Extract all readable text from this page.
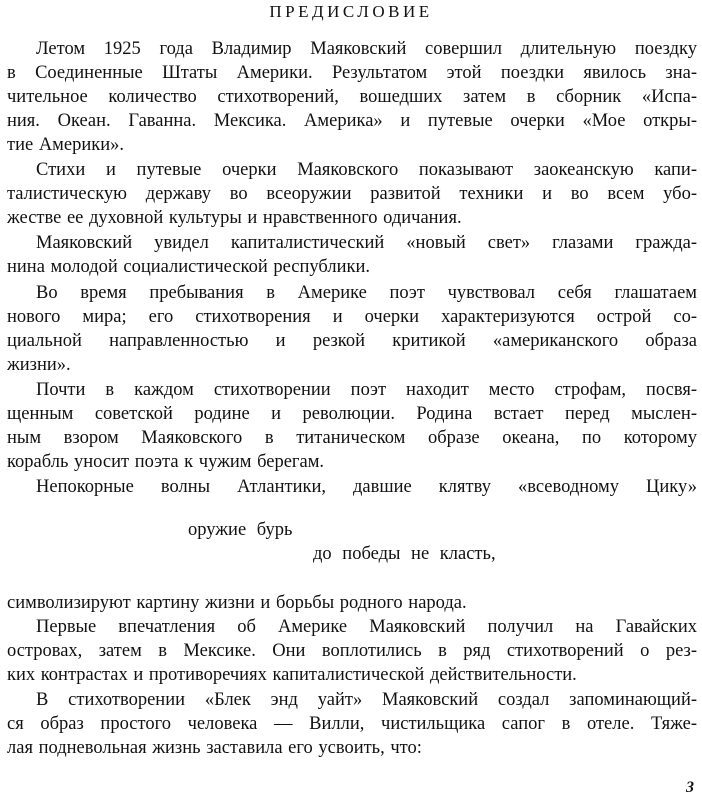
ПРЕДИСЛОВИЕ
Летом 1925 года Владимир Маяковский совершил длительную поездку
в Соединенные Штаты Америки. Результатом этой поездки явилось зна-
чительное количество стихотворений, вошедших затем в сборник «Испа-
ния. Океан. Гаванна. Мексика. Америка» и путевые очерки «Мое откры-
тие Америки».
Стихи и путевые очерки Маяковского показывают заокеанскую капи-
талистическую державу во всеоружии развитой техники и во всем убо-
жестве ее духовной культуры и нравственного одичания.
Маяковский увидел капиталистический «новый свет» глазами гражда-
нина молодой социалистической республики.
Во время пребывания в Америке поэт чувствовал себя глашатаем
нового мира; его стихотворения и очерки характеризуются острой со-
циальной направленностью и резкой критикой «американского образа
жизни».
Почти в каждом стихотворении поэт находит место строфам, посвя-
щенным советской родине и революции. Родина встает перед мыслен-
ным взором Маяковского в титаническом образе океана, по которому
корабль уносит поэта к чужим берегам.
Непокорные волны Атлантики, давшие клятву «всеводному Цику»
оружие бурь
до победы не класть,
символизируют картину жизни и борьбы родного народа.
Первые впечатления об Америке Маяковский получил на Гавайских
островах, затем в Мексике. Они воплотились в ряд стихотворений о рез-
ких контрастах и противоречиях капиталистической действительности.
В стихотворении «Блек энд уайт» Маяковский создал запоминающий-
ся образ простого человека — Вилли, чистильщика сапог в отеле. Тяже-
лая подневольная жизнь заставила его усвоить, что:
3
